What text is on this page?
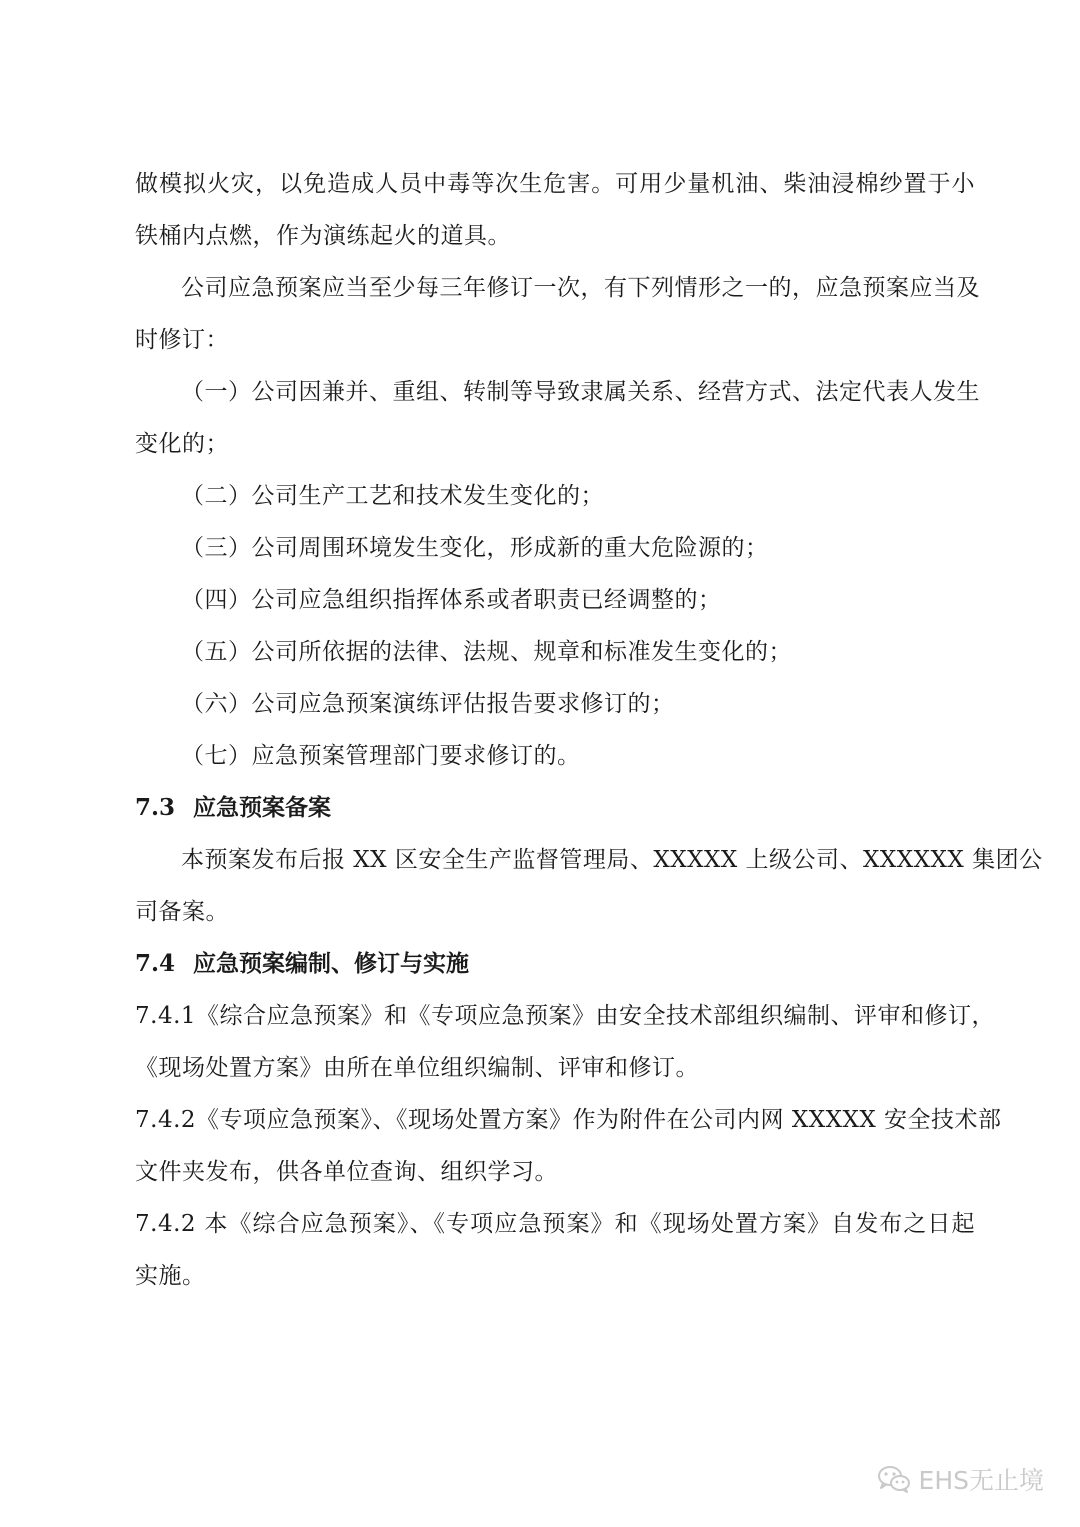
做模拟火灾，以免造成人员中毒等次生危害。可用少量机油、柴油浸棉纱置于小
铁桶内点燃，作为演练起火的道具。
公司应急预案应当至少每三年修订一次，有下列情形之一的，应急预案应当及
时修订：
（一）公司因兼并、重组、转制等导致隶属关系、经营方式、法定代表人发生
变化的；
（二）公司生产工艺和技术发生变化的；
（三）公司周围环境发生变化，形成新的重大危险源的；
（四）公司应急组织指挥体系或者职责已经调整的；
（五）公司所依据的法律、法规、规章和标准发生变化的；
（六）公司应急预案演练评估报告要求修订的；
（七）应急预案管理部门要求修订的。
7.3 应急预案备案
本预案发布后报 XX 区安全生产监督管理局、XXXXX 上级公司、XXXXXX 集团公
司备案。
7.4 应急预案编制、修订与实施
7.4.1《综合应急预案》和《专项应急预案》由安全技术部组织编制、评审和修订，
《现场处置方案》由所在单位组织编制、评审和修订。
7.4.2《专项应急预案》、《现场处置方案》作为附件在公司内网 XXXXX 安全技术部
文件夹发布，供各单位查询、组织学习。
7.4.2 本《综合应急预案》、《专项应急预案》和《现场处置方案》自发布之日起
实施。
EHS无止境
